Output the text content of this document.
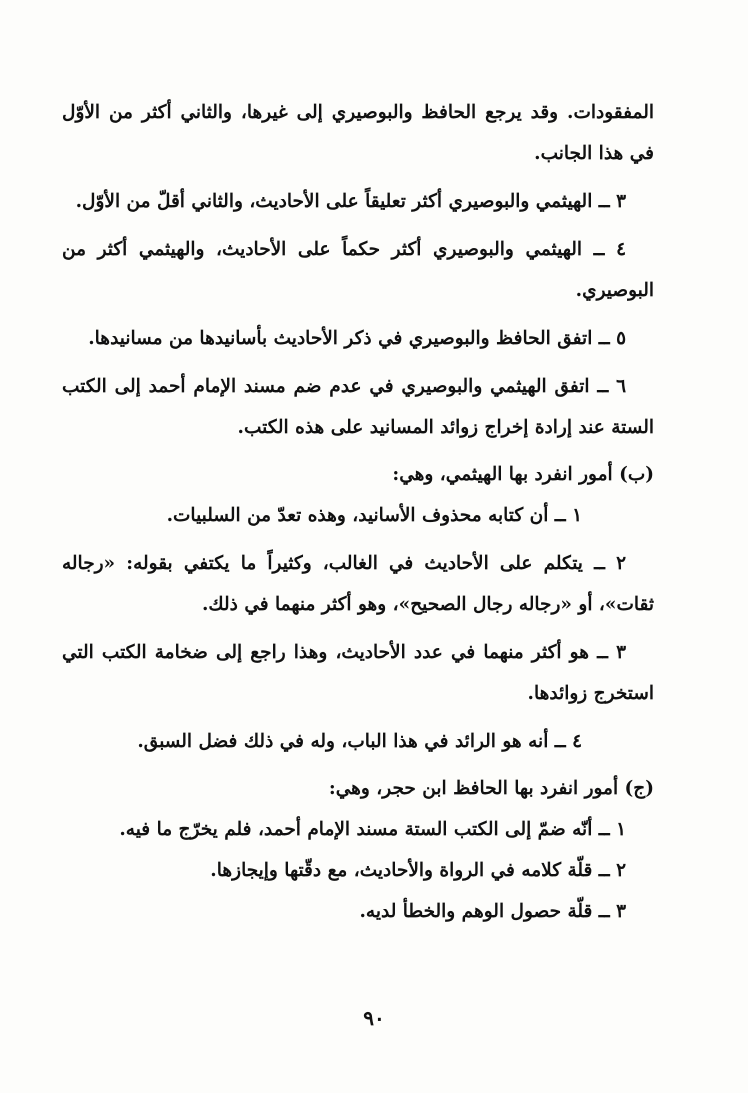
المفقودات. وقد يرجع الحافظ والبوصيري إلى غيرها، والثاني أكثر من الأوّل في هذا الجانب.

٣ ــ الهيثمي والبوصيري أكثر تعليقاً على الأحاديث، والثاني أقلّ من الأوّل.

٤ ــ الهيثمي والبوصيري أكثر حكماً على الأحاديث، والهيثمي أكثر من البوصيري.

٥ ــ اتفق الحافظ والبوصيري في ذكر الأحاديث بأسانيدها من مسانيدها.

٦ ــ اتفق الهيثمي والبوصيري في عدم ضم مسند الإمام أحمد إلى الكتب الستة عند إرادة إخراج زوائد المسانيد على هذه الكتب.

(ب) أمور انفرد بها الهيثمي، وهي:

١ ــ أن كتابه محذوف الأسانيد، وهذه تعدّ من السلبيات.

٢ ــ يتكلم على الأحاديث في الغالب، وكثيراً ما يكتفي بقوله: «رجاله ثقات»، أو «رجاله رجال الصحيح»، وهو أكثر منهما في ذلك.

٣ ــ هو أكثر منهما في عدد الأحاديث، وهذا راجع إلى ضخامة الكتب التي استخرج زوائدها.

٤ ــ أنه هو الرائد في هذا الباب، وله في ذلك فضل السبق.

(ج) أمور انفرد بها الحافظ ابن حجر، وهي:

١ ــ أنّه ضمّ إلى الكتب الستة مسند الإمام أحمد، فلم يخرّج ما فيه.

٢ ــ قلّة كلامه في الرواة والأحاديث، مع دقّتها وإيجازها.

٣ ــ قلّة حصول الوهم والخطأ لديه.

٩٠
